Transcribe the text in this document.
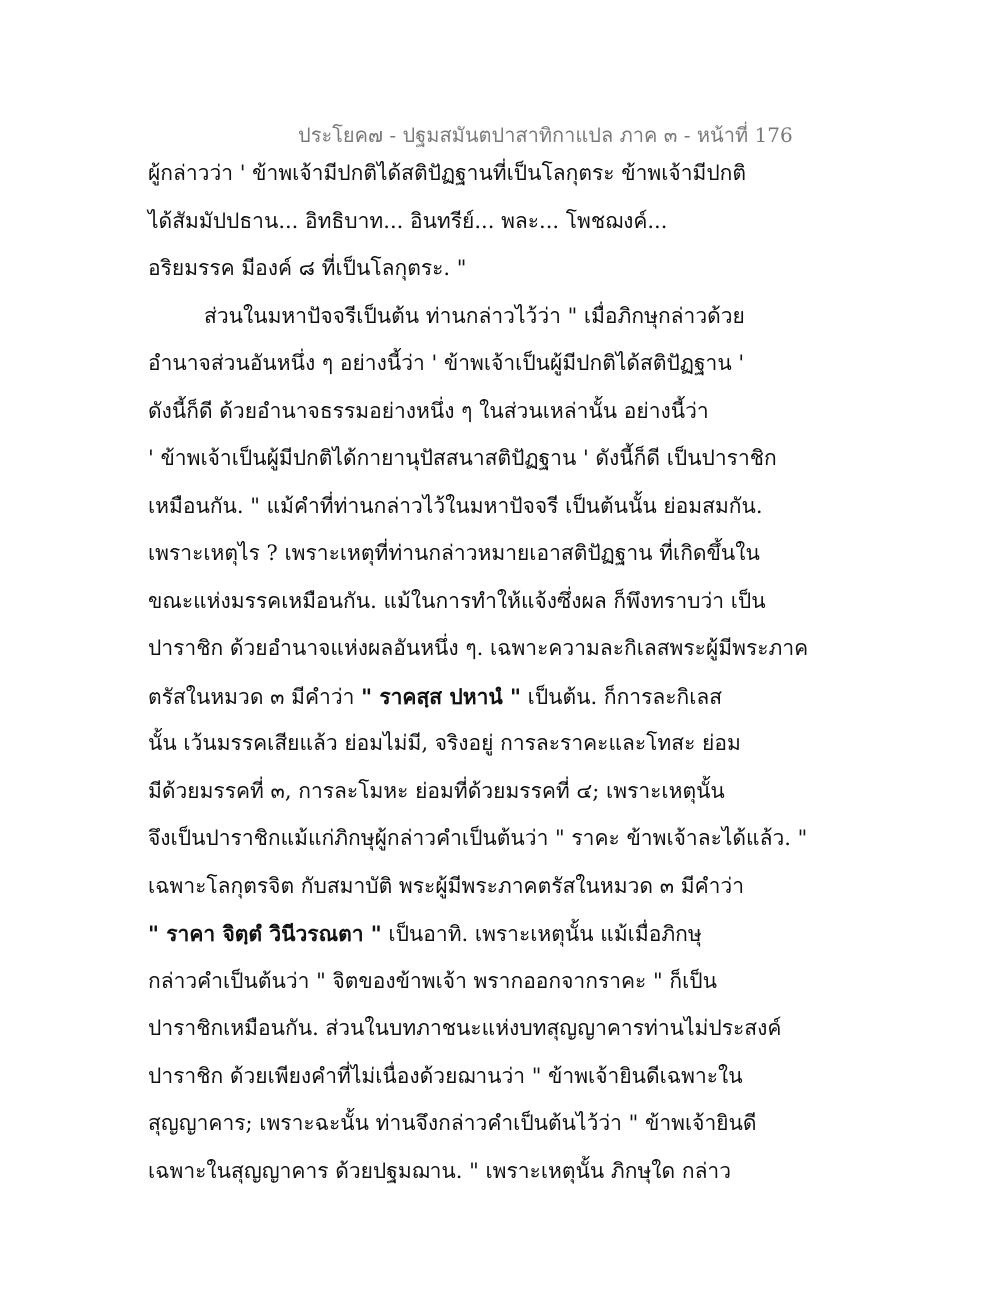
ประโยค๗ - ปฐมสมันตปาสาทิกาแปล ภาค ๓ - หน้าที่ 176
ผู้กล่าวว่า ' ข้าพเจ้ามีปกติได้สติปัฏฐานที่เป็นโลกุตระ ข้าพเจ้ามีปกติ
ได้สัมมัปปธาน... อิทธิบาท... อินทรีย์... พละ... โพชฌงค์...
อริยมรรค มีองค์ ๘ ที่เป็นโลกุตระ. "
ส่วนในมหาปัจจรีเป็นต้น ท่านกล่าวไว้ว่า " เมื่อภิกษุกล่าวด้วย
อำนาจส่วนอันหนึ่ง ๆ อย่างนี้ว่า ' ข้าพเจ้าเป็นผู้มีปกติได้สติปัฏฐาน '
ดังนี้ก็ดี ด้วยอำนาจธรรมอย่างหนึ่ง ๆ ในส่วนเหล่านั้น อย่างนี้ว่า
' ข้าพเจ้าเป็นผู้มีปกติได้กายานุปัสสนาสติปัฏฐาน ' ดังนี้ก็ดี เป็นปาราชิก
เหมือนกัน. " แม้คำที่ท่านกล่าวไว้ในมหาปัจจรี เป็นต้นนั้น ย่อมสมกัน.
เพราะเหตุไร ? เพราะเหตุที่ท่านกล่าวหมายเอาสติปัฏฐาน ที่เกิดขึ้นใน
ขณะแห่งมรรคเหมือนกัน. แม้ในการทำให้แจ้งซึ่งผล ก็พึงทราบว่า เป็น
ปาราชิก ด้วยอำนาจแห่งผลอันหนึ่ง ๆ. เฉพาะความละกิเลสพระผู้มีพระภาค
ตรัสในหมวด ๓ มีคำว่า " ราคสฺส ปหานํ " เป็นต้น. ก็การละกิเลส
นั้น เว้นมรรคเสียแล้ว ย่อมไม่มี, จริงอยู่ การละราคะและโทสะ ย่อม
มีด้วยมรรคที่ ๓, การละโมหะ ย่อมที่ด้วยมรรคที่ ๔; เพราะเหตุนั้น
จึงเป็นปาราชิกแม้แก่ภิกษุผู้กล่าวคำเป็นต้นว่า " ราคะ ข้าพเจ้าละได้แล้ว. "
เฉพาะโลกุตรจิต กับสมาบัติ พระผู้มีพระภาคตรัสในหมวด ๓ มีคำว่า
" ราคา จิตฺตํ วินีวรณตา " เป็นอาทิ. เพราะเหตุนั้น แม้เมื่อภิกษุ
กล่าวคำเป็นต้นว่า " จิตของข้าพเจ้า พรากออกจากราคะ " ก็เป็น
ปาราชิกเหมือนกัน. ส่วนในบทภาชนะแห่งบทสุญญาคารท่านไม่ประสงค์
ปาราชิก ด้วยเพียงคำที่ไม่เนื่องด้วยฌานว่า " ข้าพเจ้ายินดีเฉพาะใน
สุญญาคาร; เพราะฉะนั้น ท่านจึงกล่าวคำเป็นต้นไว้ว่า " ข้าพเจ้ายินดี
เฉพาะในสุญญาคาร ด้วยปฐมฌาน. " เพราะเหตุนั้น ภิกษุใด กล่าว
